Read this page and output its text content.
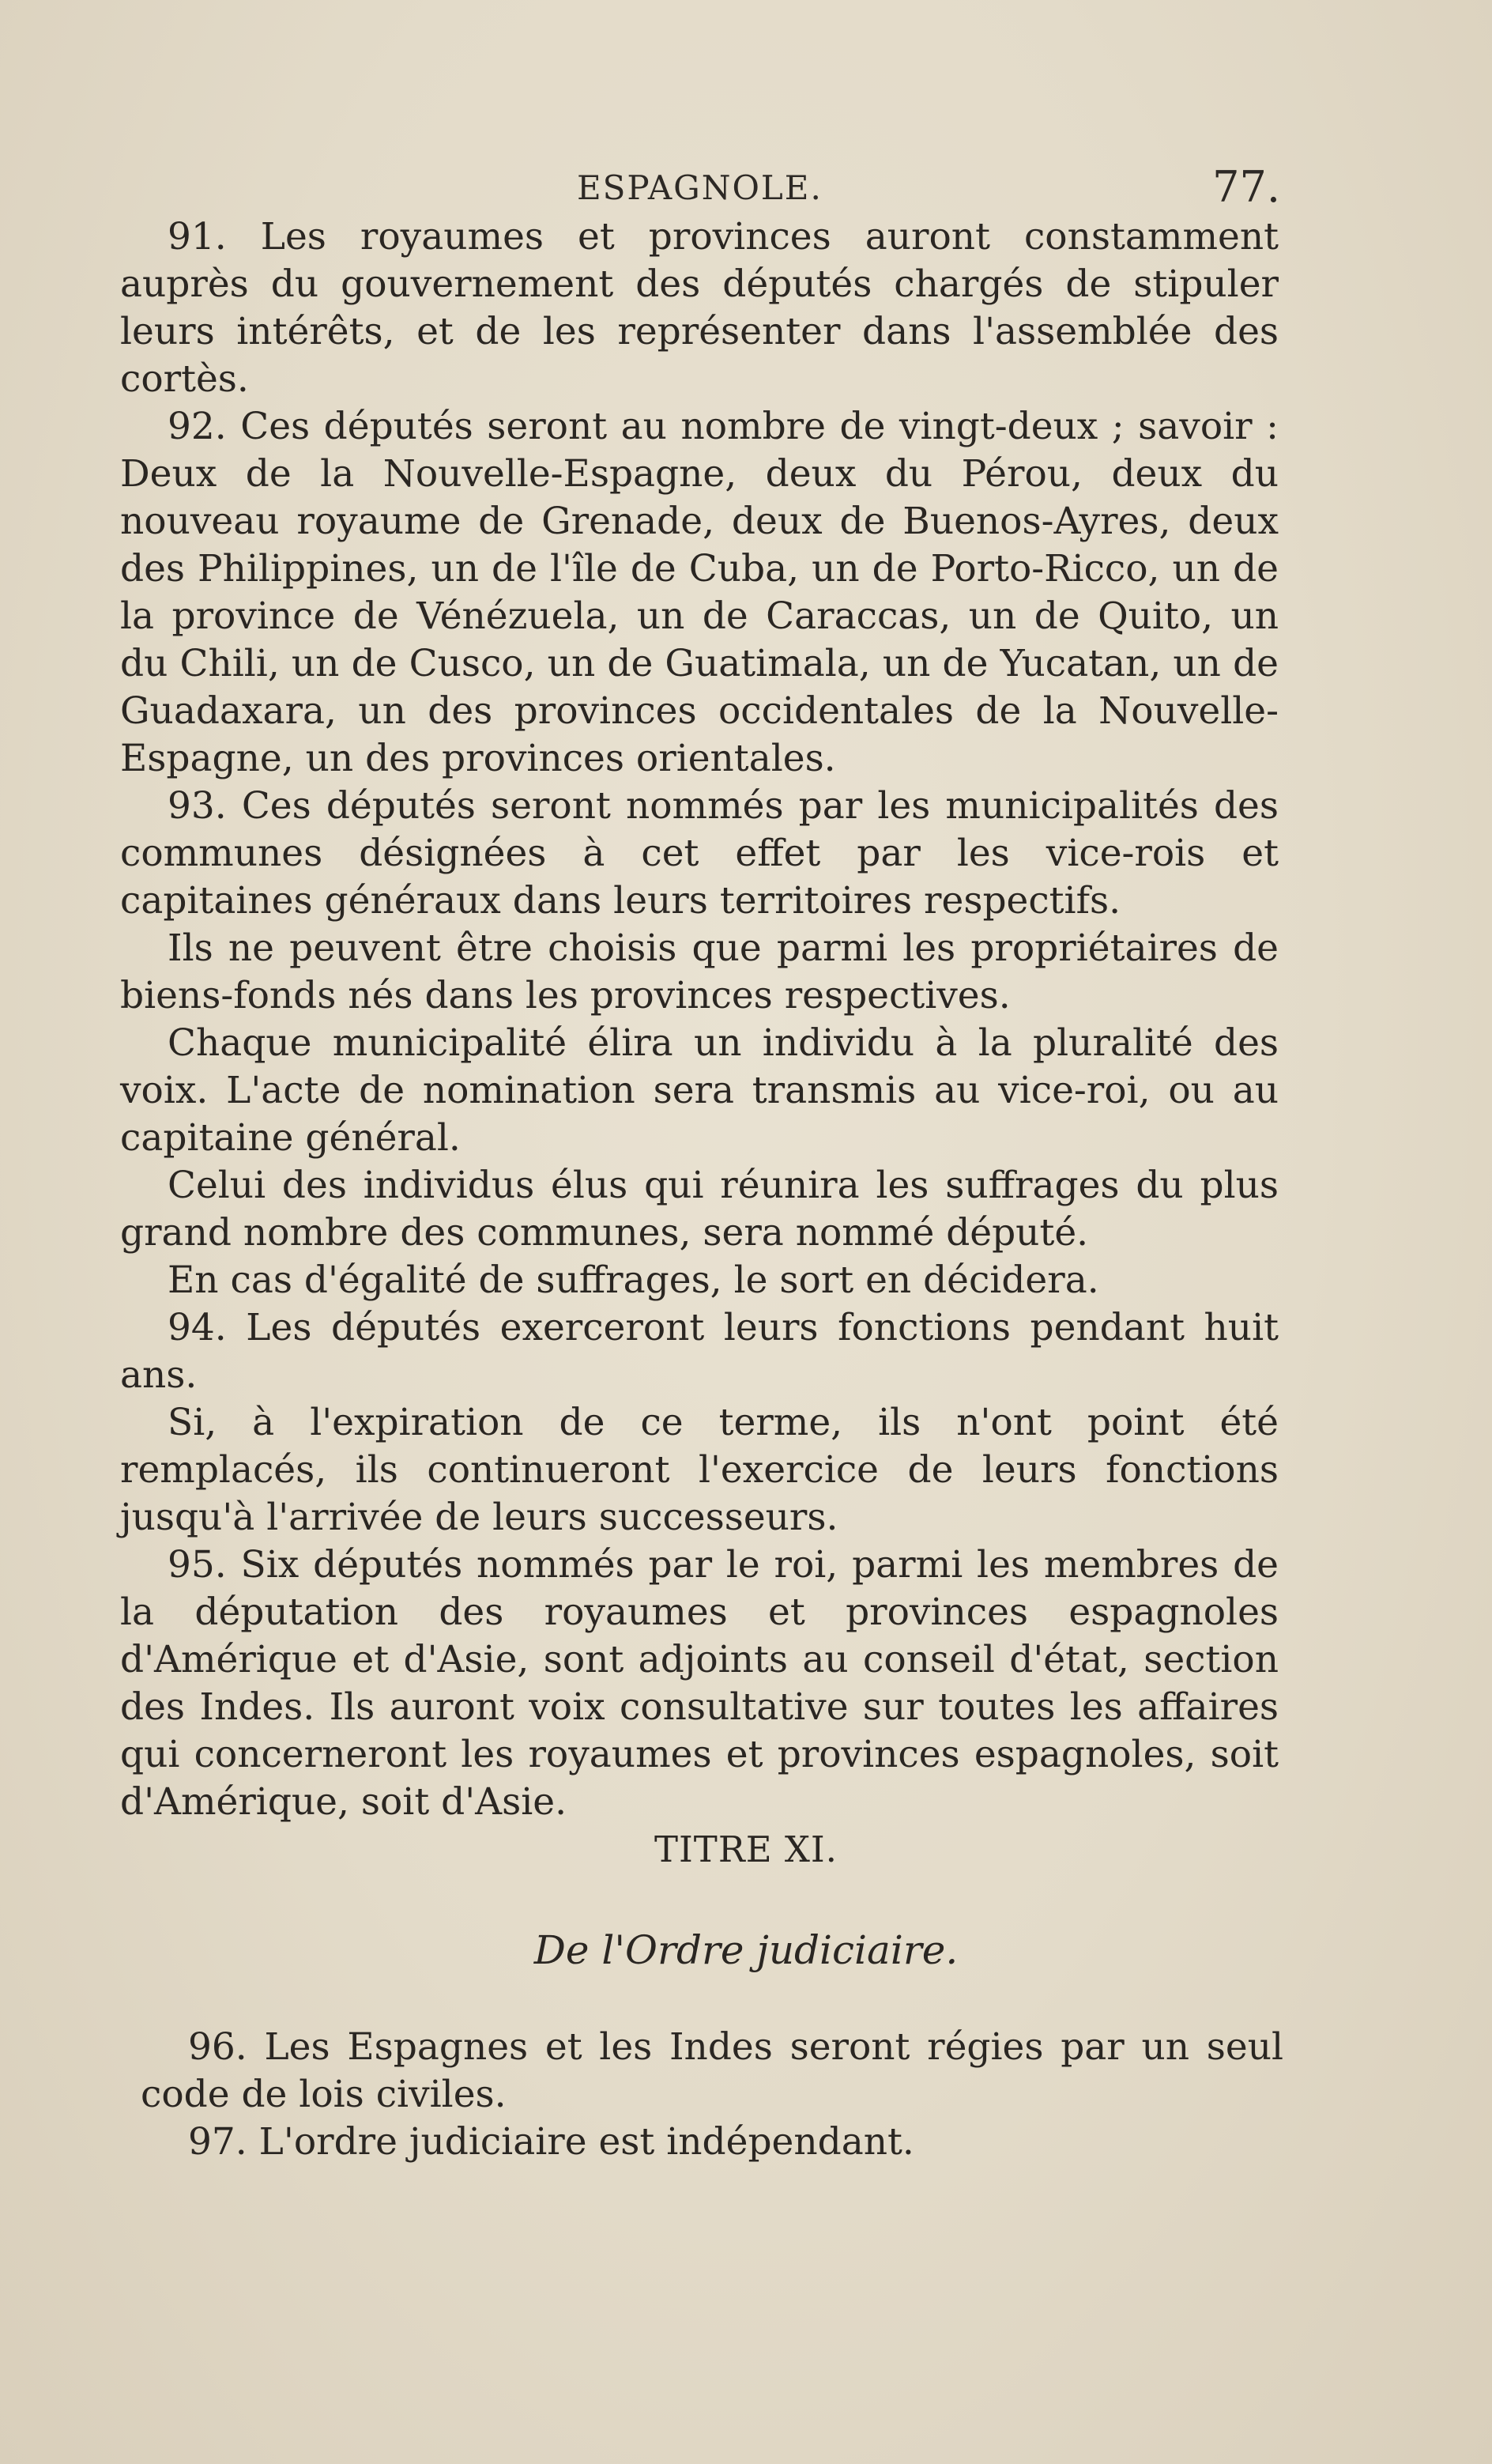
ESPAGNOLE.	77.

91. Les royaumes et provinces auront constamment auprès du gouvernement des députés chargés de stipuler leurs intérêts, et de les représenter dans l'assemblée des cortès.

92. Ces députés seront au nombre de vingt-deux ; savoir : Deux de la Nouvelle-Espagne, deux du Pérou, deux du nouveau royaume de Grenade, deux de Buenos-Ayres, deux des Philippines, un de l'île de Cuba, un de Porto-Ricco, un de la province de Vénézuela, un de Caraccas, un de Quito, un du Chili, un de Cusco, un de Guatimala, un de Yucatan, un de Guadaxara, un des provinces occidentales de la Nouvelle-Espagne, un des provinces orientales.

93. Ces députés seront nommés par les municipalités des communes désignées à cet effet par les vice-rois et capitaines généraux dans leurs territoires respectifs.

Ils ne peuvent être choisis que parmi les propriétaires de biens-fonds nés dans les provinces respectives.

Chaque municipalité élira un individu à la pluralité des voix. L'acte de nomination sera transmis au vice-roi, ou au capitaine général.

Celui des individus élus qui réunira les suffrages du plus grand nombre des communes, sera nommé député.

En cas d'égalité de suffrages, le sort en décidera.

94. Les députés exerceront leurs fonctions pendant huit ans.

Si, à l'expiration de ce terme, ils n'ont point été remplacés, ils continueront l'exercice de leurs fonctions jusqu'à l'arrivée de leurs successeurs.

95. Six députés nommés par le roi, parmi les membres de la députation des royaumes et provinces espagnoles d'Amérique et d'Asie, sont adjoints au conseil d'état, section des Indes. Ils auront voix consultative sur toutes les affaires qui concerneront les royaumes et provinces espagnoles, soit d'Amérique, soit d'Asie.

TITRE XI.
De l'Ordre judiciaire.

96. Les Espagnes et les Indes seront régies par un seul code de lois civiles.

97. L'ordre judiciaire est indépendant.
